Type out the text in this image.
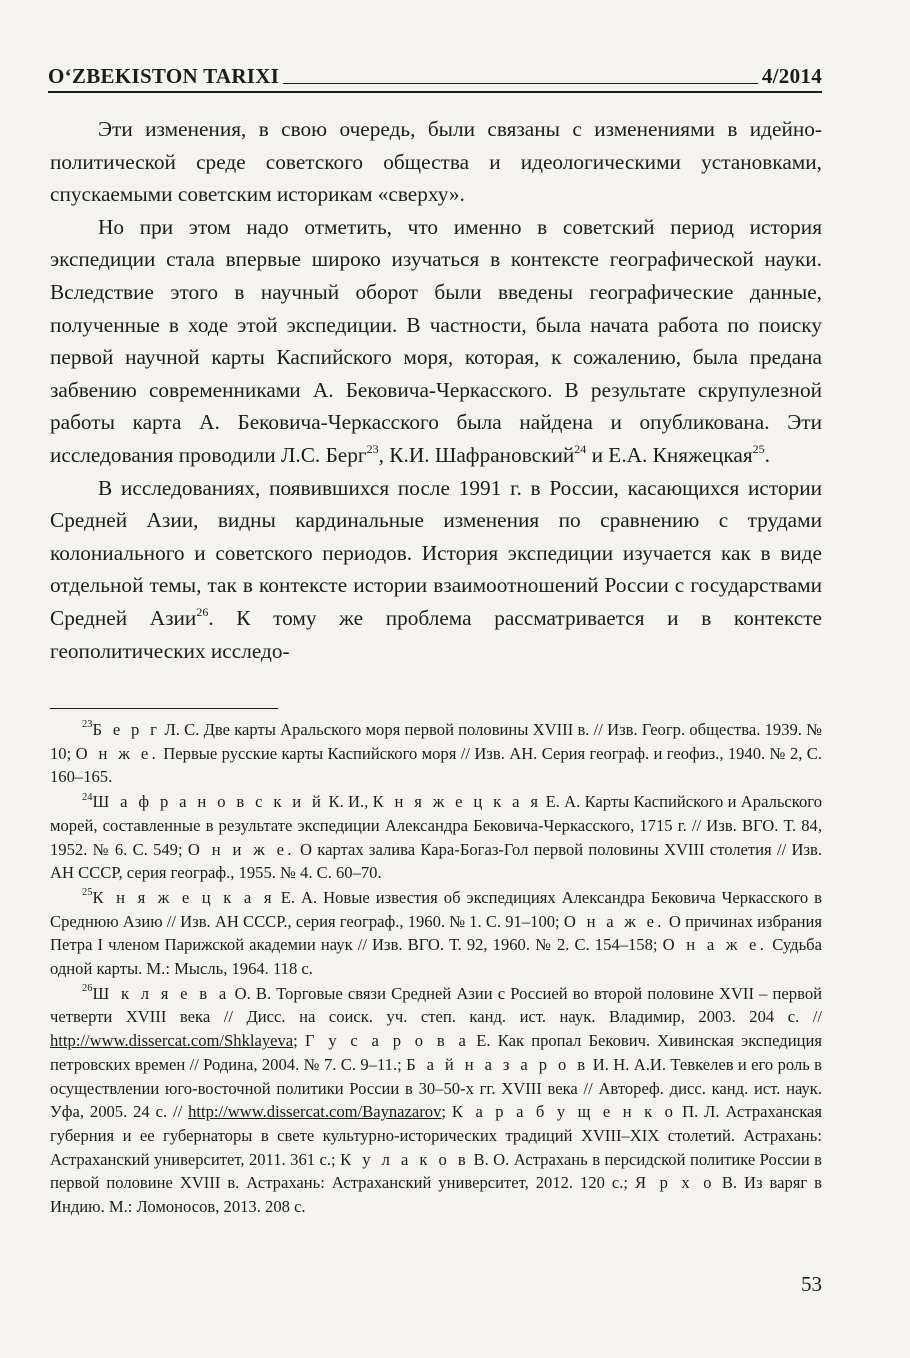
O‘ZBEKISTON TARIXI	4/2014

Эти изменения, в свою очередь, были связаны с изменениями в идейно-политической среде советского общества и идеологическими установками, спускаемыми советским историкам «сверху».

Но при этом надо отметить, что именно в советский период история экспедиции стала впервые широко изучаться в контексте географической науки. Вследствие этого в научный оборот были введены географические данные, полученные в ходе этой экспедиции. В частности, была начата работа по поиску первой научной карты Каспийского моря, которая, к сожалению, была предана забвению современниками А. Бековича-Черкасского. В результате скрупулезной работы карта А. Бековича-Черкасского была найдена и опубликована. Эти исследования проводили Л.С. Берг$^{23}$, К.И. Шафрановский$^{24}$ и Е.А. Княжецкая$^{25}$.

В исследованиях, появившихся после 1991 г. в России, касающихся истории Средней Азии, видны кардинальные изменения по сравнению с трудами колониального и советского периодов. История экспедиции изучается как в виде отдельной темы, так в контексте истории взаимоотношений России с государствами Средней Азии$^{26}$. К тому же проблема рассматривается и в контексте геополитических исследо-

$^{23}$Б е р г Л. С. Две карты Аральского моря первой половины XVIII в. // Изв. Геогр. общества. 1939. № 10; О н ж е. Первые русские карты Каспийского моря // Изв. АН. Серия географ. и геофиз., 1940. № 2, С. 160–165.

$^{24}$Ш а ф р а н о в с к и й К. И., К н я ж е ц к а я Е. А. Карты Каспийского и Аральского морей, составленные в результате экспедиции Александра Бековича-Черкасского, 1715 г. // Изв. ВГО. Т. 84, 1952. № 6. С. 549; О н и ж е. О картах залива Кара-Богаз-Гол первой половины XVIII столетия // Изв. АН СССР, серия географ., 1955. № 4. С. 60–70.

$^{25}$К н я ж е ц к а я Е. А. Новые известия об экспедициях Александра Бековича Черкасского в Среднюю Азию // Изв. АН СССР., серия географ., 1960. № 1. С. 91–100; О н а ж е. О причинах избрания Петра I членом Парижской академии наук // Изв. ВГО. Т. 92, 1960. № 2. С. 154–158; О н а ж е. Судьба одной карты. М.: Мысль, 1964. 118 с.

$^{26}$Ш к л я е в а О. В. Торговые связи Средней Азии с Россией во второй половине XVII – первой четверти XVIII века // Дисс. на соиск. уч. степ. канд. ист. наук. Владимир, 2003. 204 с. // http://www.dissercat.com/Shklayeva; Г у с а р о в а Е. Как пропал Бекович. Хивинская экспедиция петровских времен // Родина, 2004. № 7. С. 9–11.; Б а й н а з а р о в И. Н. А.И. Тевкелев и его роль в осуществлении юго-восточной политики России в 30–50-х гг. XVIII века // Автореф. дисс. канд. ист. наук. Уфа, 2005. 24 с. // http://www.dissercat.com/Baynazarov; К а р а б у щ е н к о П. Л. Астраханская губерния и ее губернаторы в свете культурно-исторических традиций XVIII–XIX столетий. Астрахань: Астраханский университет, 2011. 361 с.; К у л а к о в В. О. Астрахань в персидской политике России в первой половине XVIII в. Астрахань: Астраханский университет, 2012. 120 с.; Я р х о В. Из варяг в Индию. М.: Ломоносов, 2013. 208 с.

53
